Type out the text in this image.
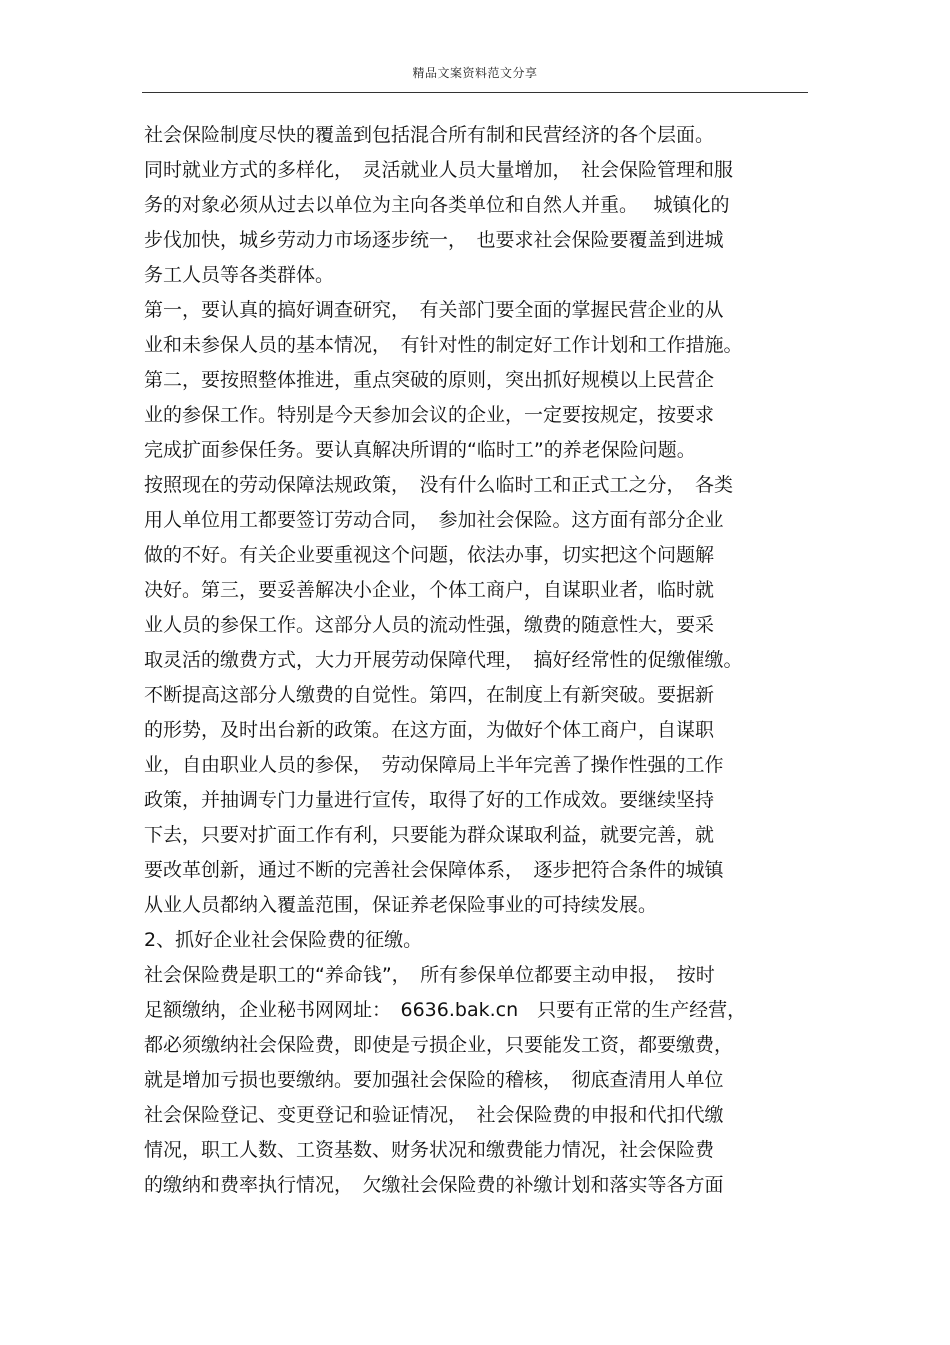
精品文案资料范文分享
社会保险制度尽快的覆盖到包括混合所有制和民营经济的各个层面。
同时就业方式的多样化，　灵活就业人员大量增加，　社会保险管理和服
务的对象必须从过去以单位为主向各类单位和自然人并重。　 城镇化的
步伐加快，城乡劳动力市场逐步统一，　也要求社会保险要覆盖到进城
务工人员等各类群体。
第一，要认真的搞好调查研究，　有关部门要全面的掌握民营企业的从
业和未参保人员的基本情况，　有针对性的制定好工作计划和工作措施。
第二，要按照整体推进，重点突破的原则，突出抓好规模以上民营企
业的参保工作。特别是今天参加会议的企业，一定要按规定，按要求
完成扩面参保任务。要认真解决所谓的“临时工”的养老保险问题。
按照现在的劳动保障法规政策，　没有什么临时工和正式工之分，　各类
用人单位用工都要签订劳动合同，　参加社会保险。这方面有部分企业
做的不好。有关企业要重视这个问题，依法办事，切实把这个问题解
决好。第三，要妥善解决小企业，个体工商户，自谋职业者，临时就
业人员的参保工作。这部分人员的流动性强，缴费的随意性大，要采
取灵活的缴费方式，大力开展劳动保障代理，　搞好经常性的促缴催缴。
不断提高这部分人缴费的自觉性。第四，在制度上有新突破。要据新
的形势，及时出台新的政策。在这方面，为做好个体工商户，自谋职
业，自由职业人员的参保，　劳动保障局上半年完善了操作性强的工作
政策，并抽调专门力量进行宣传，取得了好的工作成效。要继续坚持
下去，只要对扩面工作有利，只要能为群众谋取利益，就要完善，就
要改革创新，通过不断的完善社会保障体系，　逐步把符合条件的城镇
从业人员都纳入覆盖范围，保证养老保险事业的可持续发展。
2、抓好企业社会保险费的征缴。
社会保险费是职工的“养命钱”，　所有参保单位都要主动申报，　按时
足额缴纳，企业秘书网网址：　6636.bak.cn　只要有正常的生产经营，
都必须缴纳社会保险费，即使是亏损企业，只要能发工资，都要缴费，
就是增加亏损也要缴纳。要加强社会保险的稽核，　彻底查清用人单位
社会保险登记、变更登记和验证情况，　社会保险费的申报和代扣代缴
情况，职工人数、工资基数、财务状况和缴费能力情况，社会保险费
的缴纳和费率执行情况，　欠缴社会保险费的补缴计划和落实等各方面
